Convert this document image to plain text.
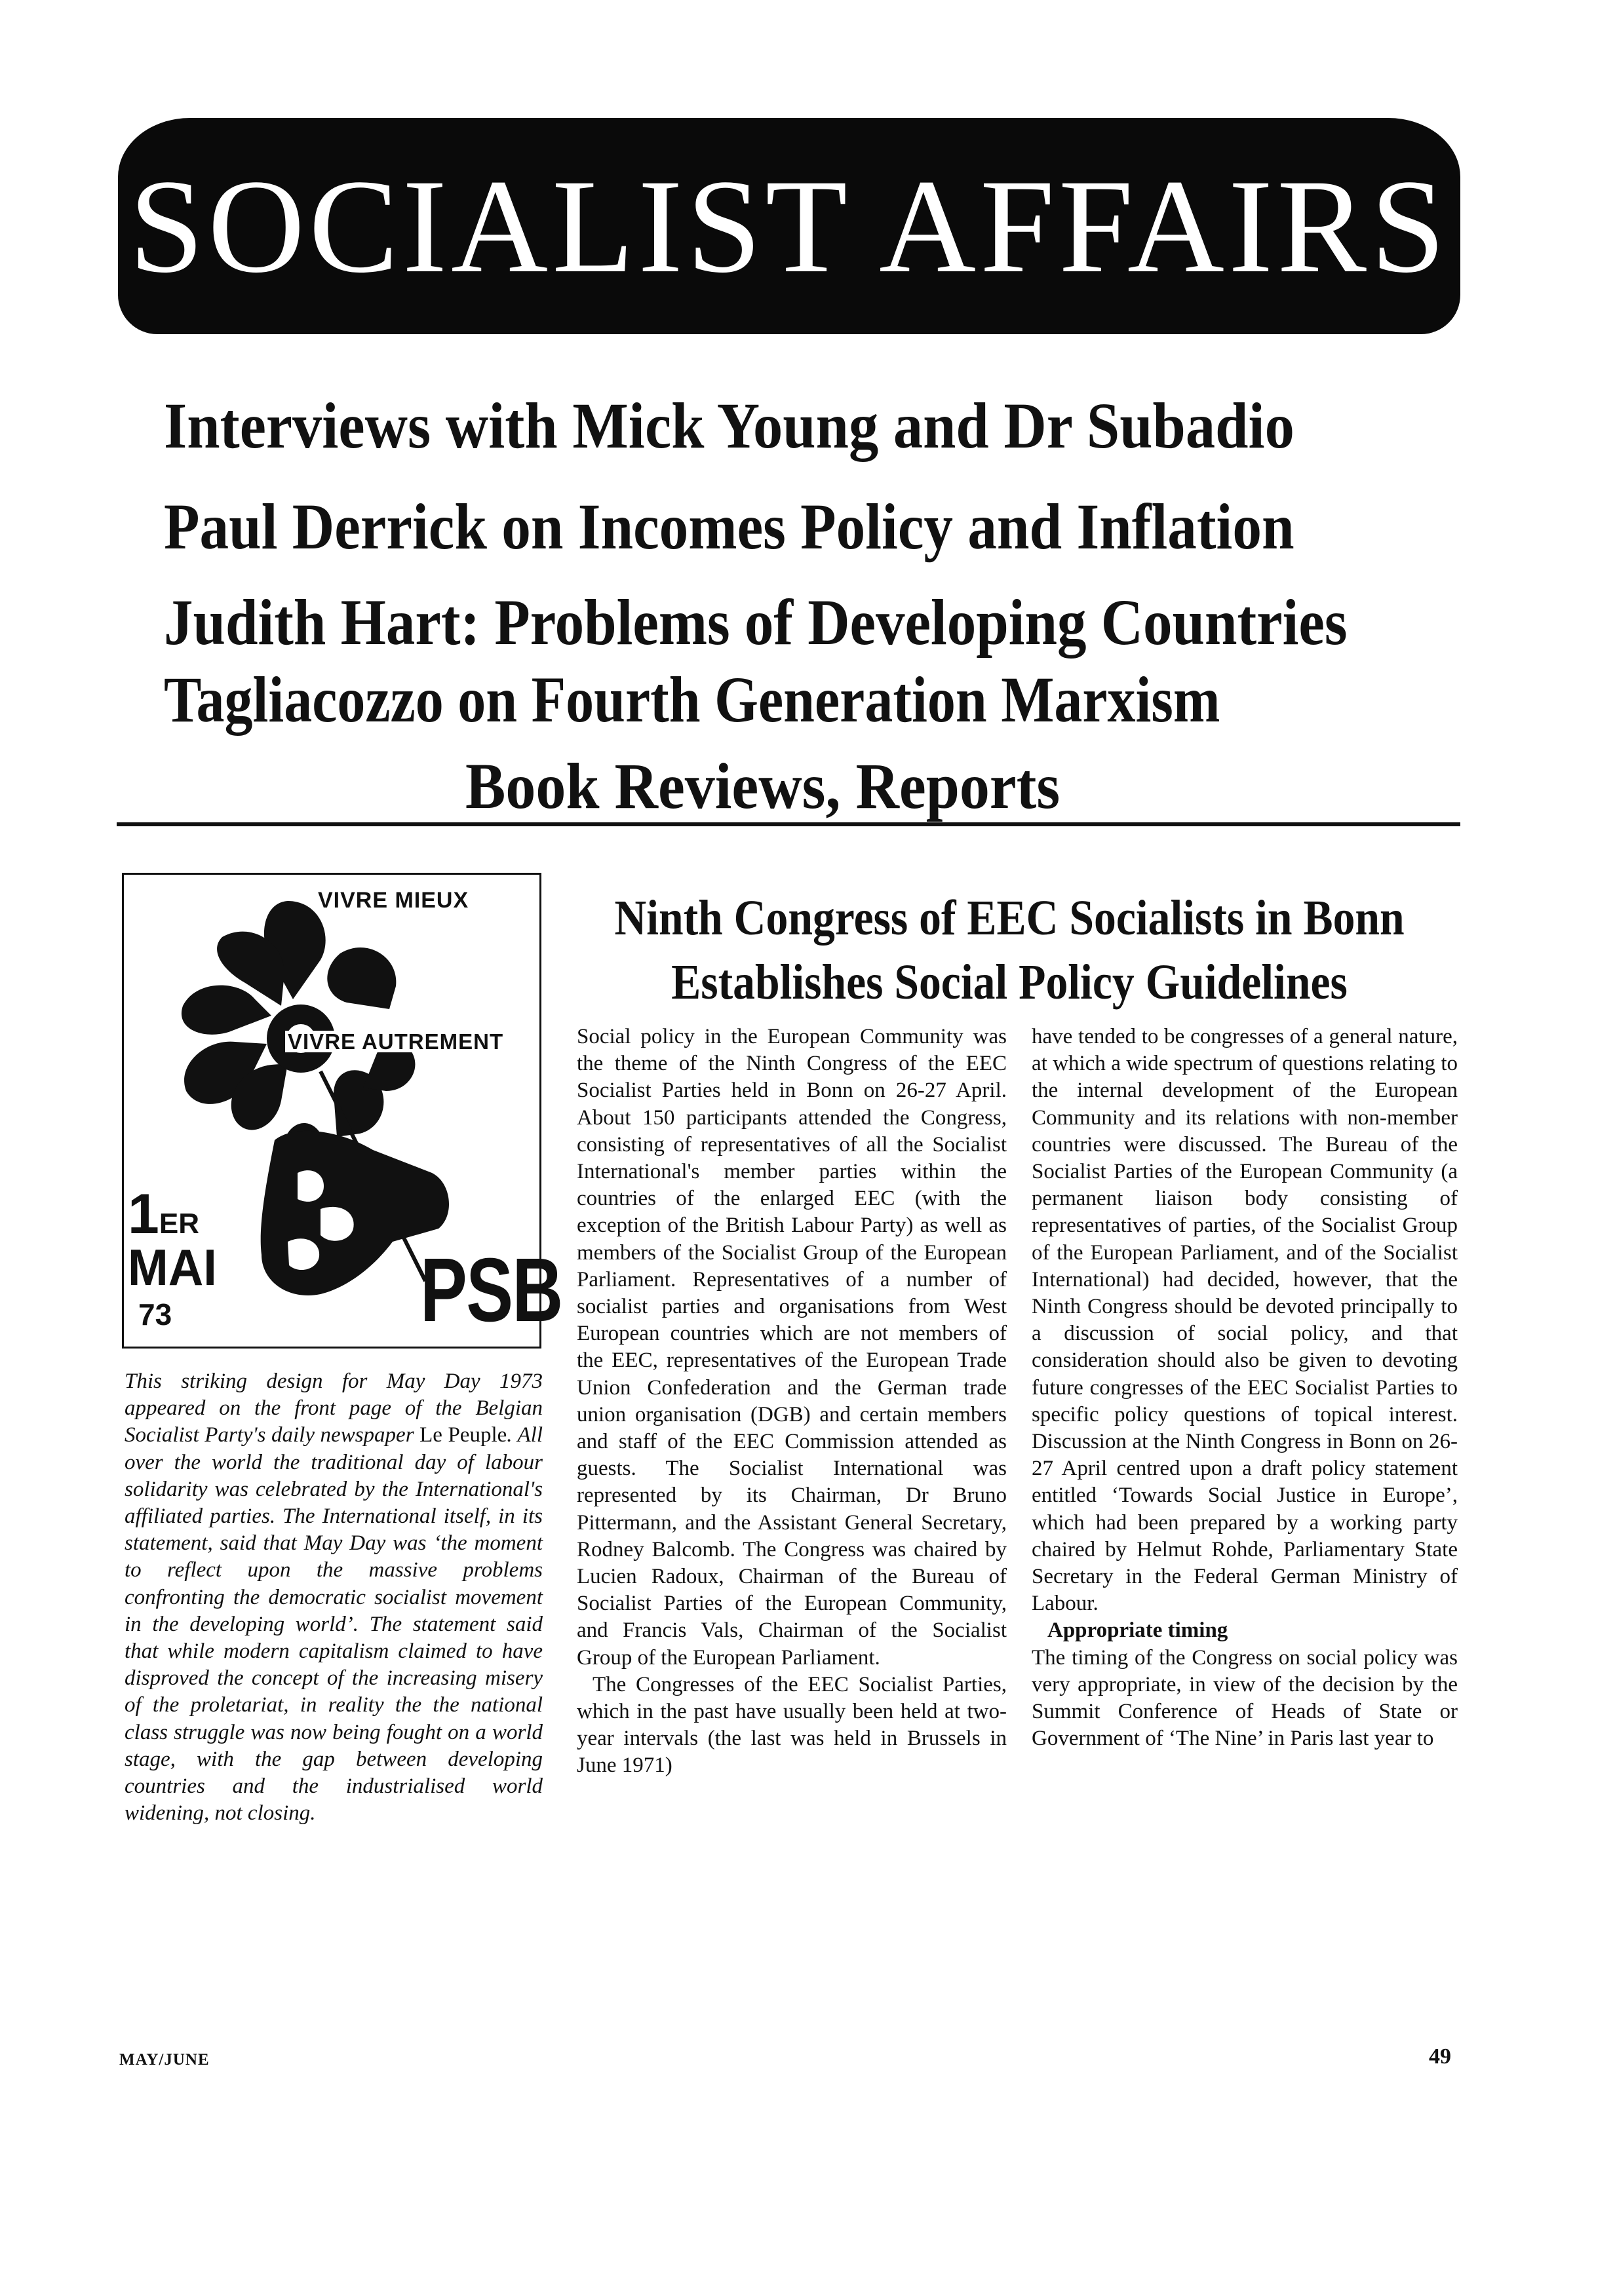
SOCIALIST AFFAIRS
Interviews with Mick Young and Dr Subadio
Paul Derrick on Incomes Policy and Inflation
Judith Hart: Problems of Developing Countries
Tagliacozzo on Fourth Generation Marxism
Book Reviews, Reports
VIVRE MIEUX
VIVRE AUTREMENT
1ER
MAI
73	PSB
This striking design for May Day 1973 appeared on the front page of the Belgian Socialist Party's daily newspaper Le Peuple. All over the world the traditional day of labour solidarity was celebrated by the International's affiliated parties. The International itself, in its statement, said that May Day was ‘the moment to reflect upon the massive problems confronting the democratic socialist movement in the developing world’. The statement said that while modern capitalism claimed to have disproved the concept of the increasing misery of the proletariat, in reality the the national class struggle was now being fought on a world stage, with the gap between developing countries and the industrialised world widening, not closing.
Ninth Congress of EEC Socialists in Bonn
Establishes Social Policy Guidelines

Social policy in the European Community was the theme of the Ninth Congress of the EEC Socialist Parties held in Bonn on 26-27 April. About 150 participants attended the Congress, consisting of representatives of all the Socialist International's member parties within the countries of the enlarged EEC (with the exception of the British Labour Party) as well as members of the Socialist Group of the European Parliament. Representatives of a number of socialist parties and organisations from West European countries which are not members of the EEC, representatives of the European Trade Union Confederation and the German trade union organisation (DGB) and certain members and staff of the EEC Commission attended as guests. The Socialist International was represented by its Chairman, Dr Bruno Pittermann, and the Assistant General Secretary, Rodney Balcomb. The Congress was chaired by Lucien Radoux, Chairman of the Bureau of Socialist Parties of the European Community, and Francis Vals, Chairman of the Socialist Group of the European Parliament.

The Congresses of the EEC Socialist Parties, which in the past have usually been held at two-year intervals (the last was held in Brussels in June 1971)

have tended to be congresses of a general nature, at which a wide spectrum of questions relating to the internal development of the European Community and its relations with non-member countries were discussed. The Bureau of the Socialist Parties of the European Community (a permanent liaison body consisting of representatives of parties, of the Socialist Group of the European Parliament, and of the Socialist International) had decided, however, that the Ninth Congress should be devoted principally to a discussion of social policy, and that consideration should also be given to devoting future congresses of the EEC Socialist Parties to specific policy questions of topical interest. Discussion at the Ninth Congress in Bonn on 26-27 April centred upon a draft policy statement entitled ‘Towards Social Justice in Europe’, which had been prepared by a working party chaired by Helmut Rohde, Parliamentary State Secretary in the Federal German Ministry of Labour.

Appropriate timing

The timing of the Congress on social policy was very appropriate, in view of the decision by the Summit Conference of Heads of State or Government of ‘The Nine’ in Paris last year to

MAY/JUNE	49
